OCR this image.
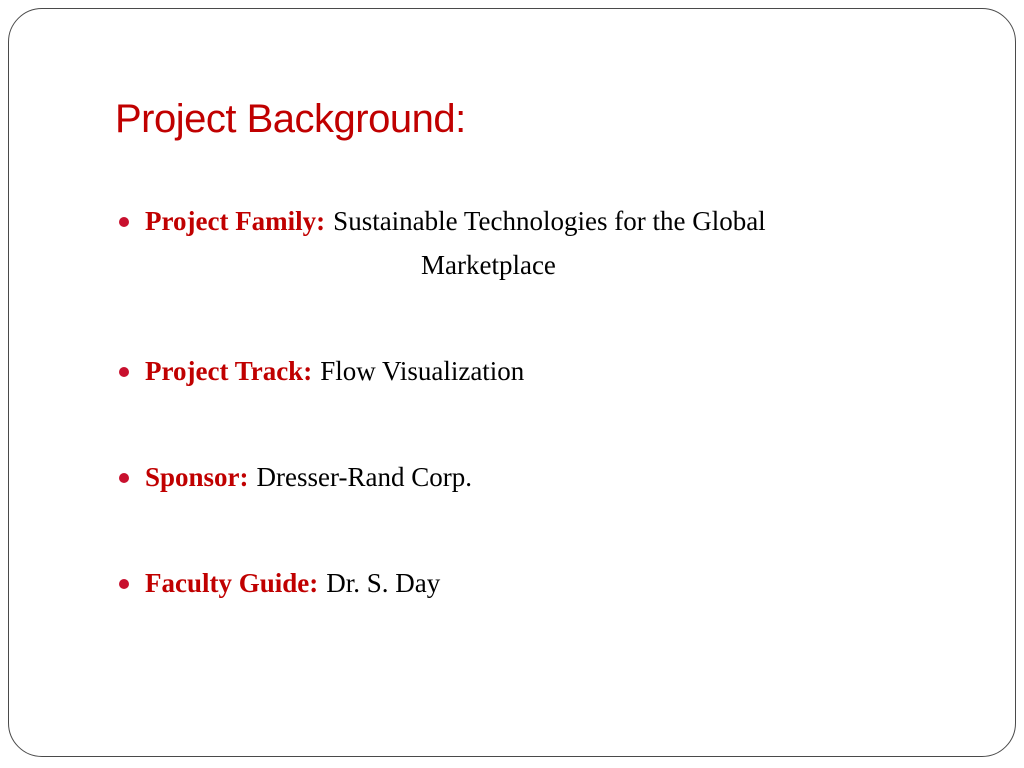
Project Background:
Project Family: Sustainable Technologies for the Global
Marketplace
Project Track: Flow Visualization
Sponsor: Dresser-Rand Corp.
Faculty Guide: Dr. S. Day
